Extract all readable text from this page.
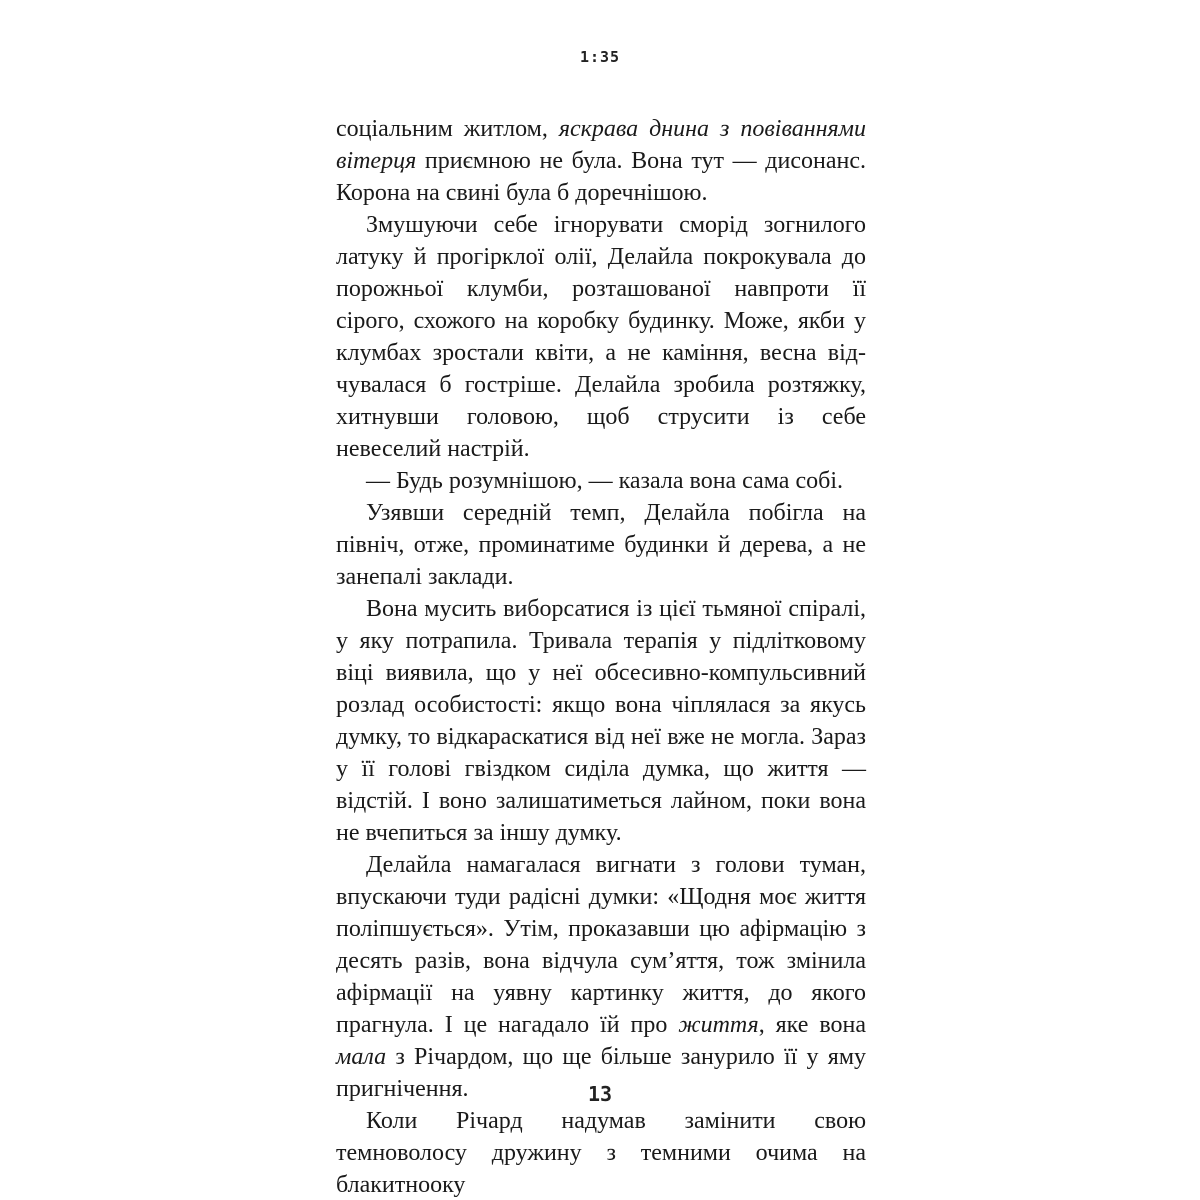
1:35

соціальним житлом, яскрава днина з повіваннями вітерця приємною не була. Вона тут — дисонанс. Корона на свині була б доречнішою.

Змушуючи себе ігнорувати сморід зогнилого латуку й прогірклої олії, Делайла покрокувала до порожньої клумби, розташованої навпроти її сірого, схожого на коробку будинку. Може, якби у клумбах зростали квіти, а не каміння, весна відчувалася б гостріше. Делайла зробила розтяжку, хитнувши головою, щоб струсити із себе невеселий настрій.

— Будь розумнішою, — казала вона сама собі.

Узявши середній темп, Делайла побігла на північ, отже, проминатиме будинки й дерева, а не занепалі заклади.

Вона мусить виборсатися із цієї тьмяної спіралі, у яку потрапила. Тривала терапія у підлітковому віці виявила, що у неї обсесивно-компульсивний розлад особистості: якщо вона чіплялася за якусь думку, то відкараскатися від неї вже не могла. Зараз у її голові гвіздком сиділа думка, що життя — відстій. І воно залишатиметься лайном, поки вона не вчепиться за іншу думку.

Делайла намагалася вигнати з голови туман, впускаючи туди радісні думки: «Щодня моє життя поліпшується». Утім, проказавши цю афірмацію з десять разів, вона відчула сум’яття, тож змінила афірмації на уявну картинку життя, до якого прагнула. І це нагадало їй про життя, яке вона мала з Річардом, що ще більше занурило її у яму пригнічення.

Коли Річард надумав замінити свою темноволосу дружину з темними очима на блакитнооку

13
